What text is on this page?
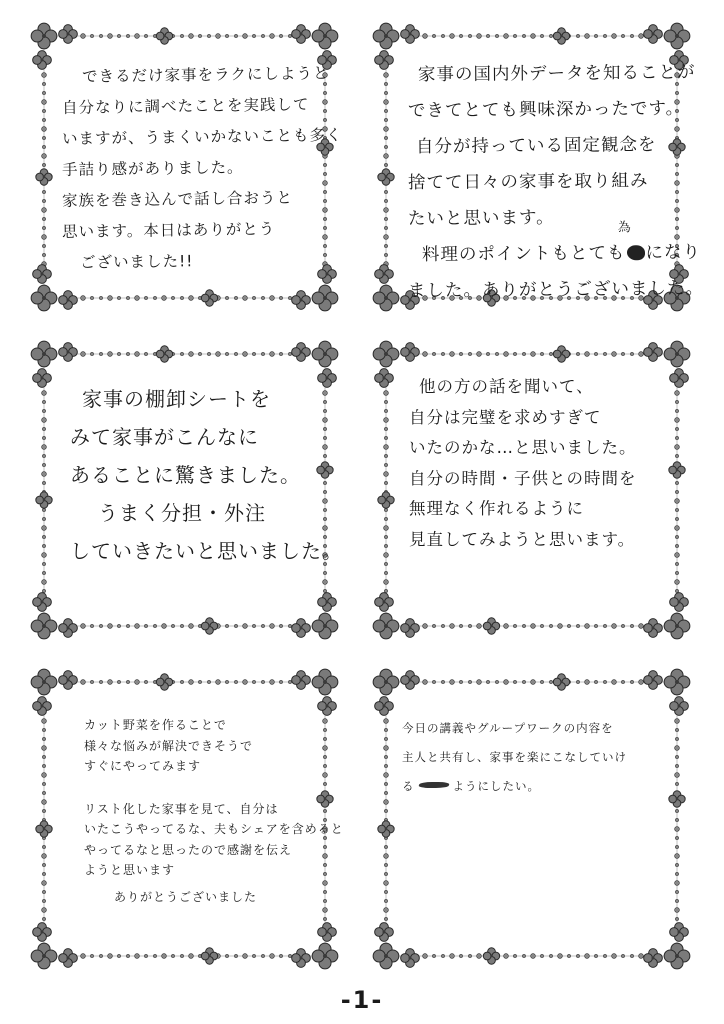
できるだけ家事をラクにしようと
自分なりに調べたことを実践して
いますが、うまくいかないことも多く
手詰り感がありました。
家族を巻き込んで話し合おうと
思います。本日はありがとう
ございました!!
家事の国内外データを知ることが
できてとても興味深かったです。
自分が持っている固定観念を
捨てて日々の家事を取り組み
たいと思います。
料理のポイントもとても になり
為
ました。ありがとうございました。
家事の棚卸シートを
みて家事がこんなに
あることに驚きました。
うまく分担・外注
していきたいと思いました。
他の方の話を聞いて、
自分は完璧を求めすぎて
いたのかな…と思いました。
自分の時間・子供との時間を
無理なく作れるように
見直してみようと思います。
カット野菜を作ることで
様々な悩みが解決できそうで
すぐにやってみます
リスト化した家事を見て、自分は
いたこうやってるな、夫もシェアを含めると
やってるなと思ったので感謝を伝え
ようと思います
ありがとうございました
今日の講義やグループワークの内容を
主人と共有し、家事を楽にこなしていけ
る	ようにしたい。
-1-
